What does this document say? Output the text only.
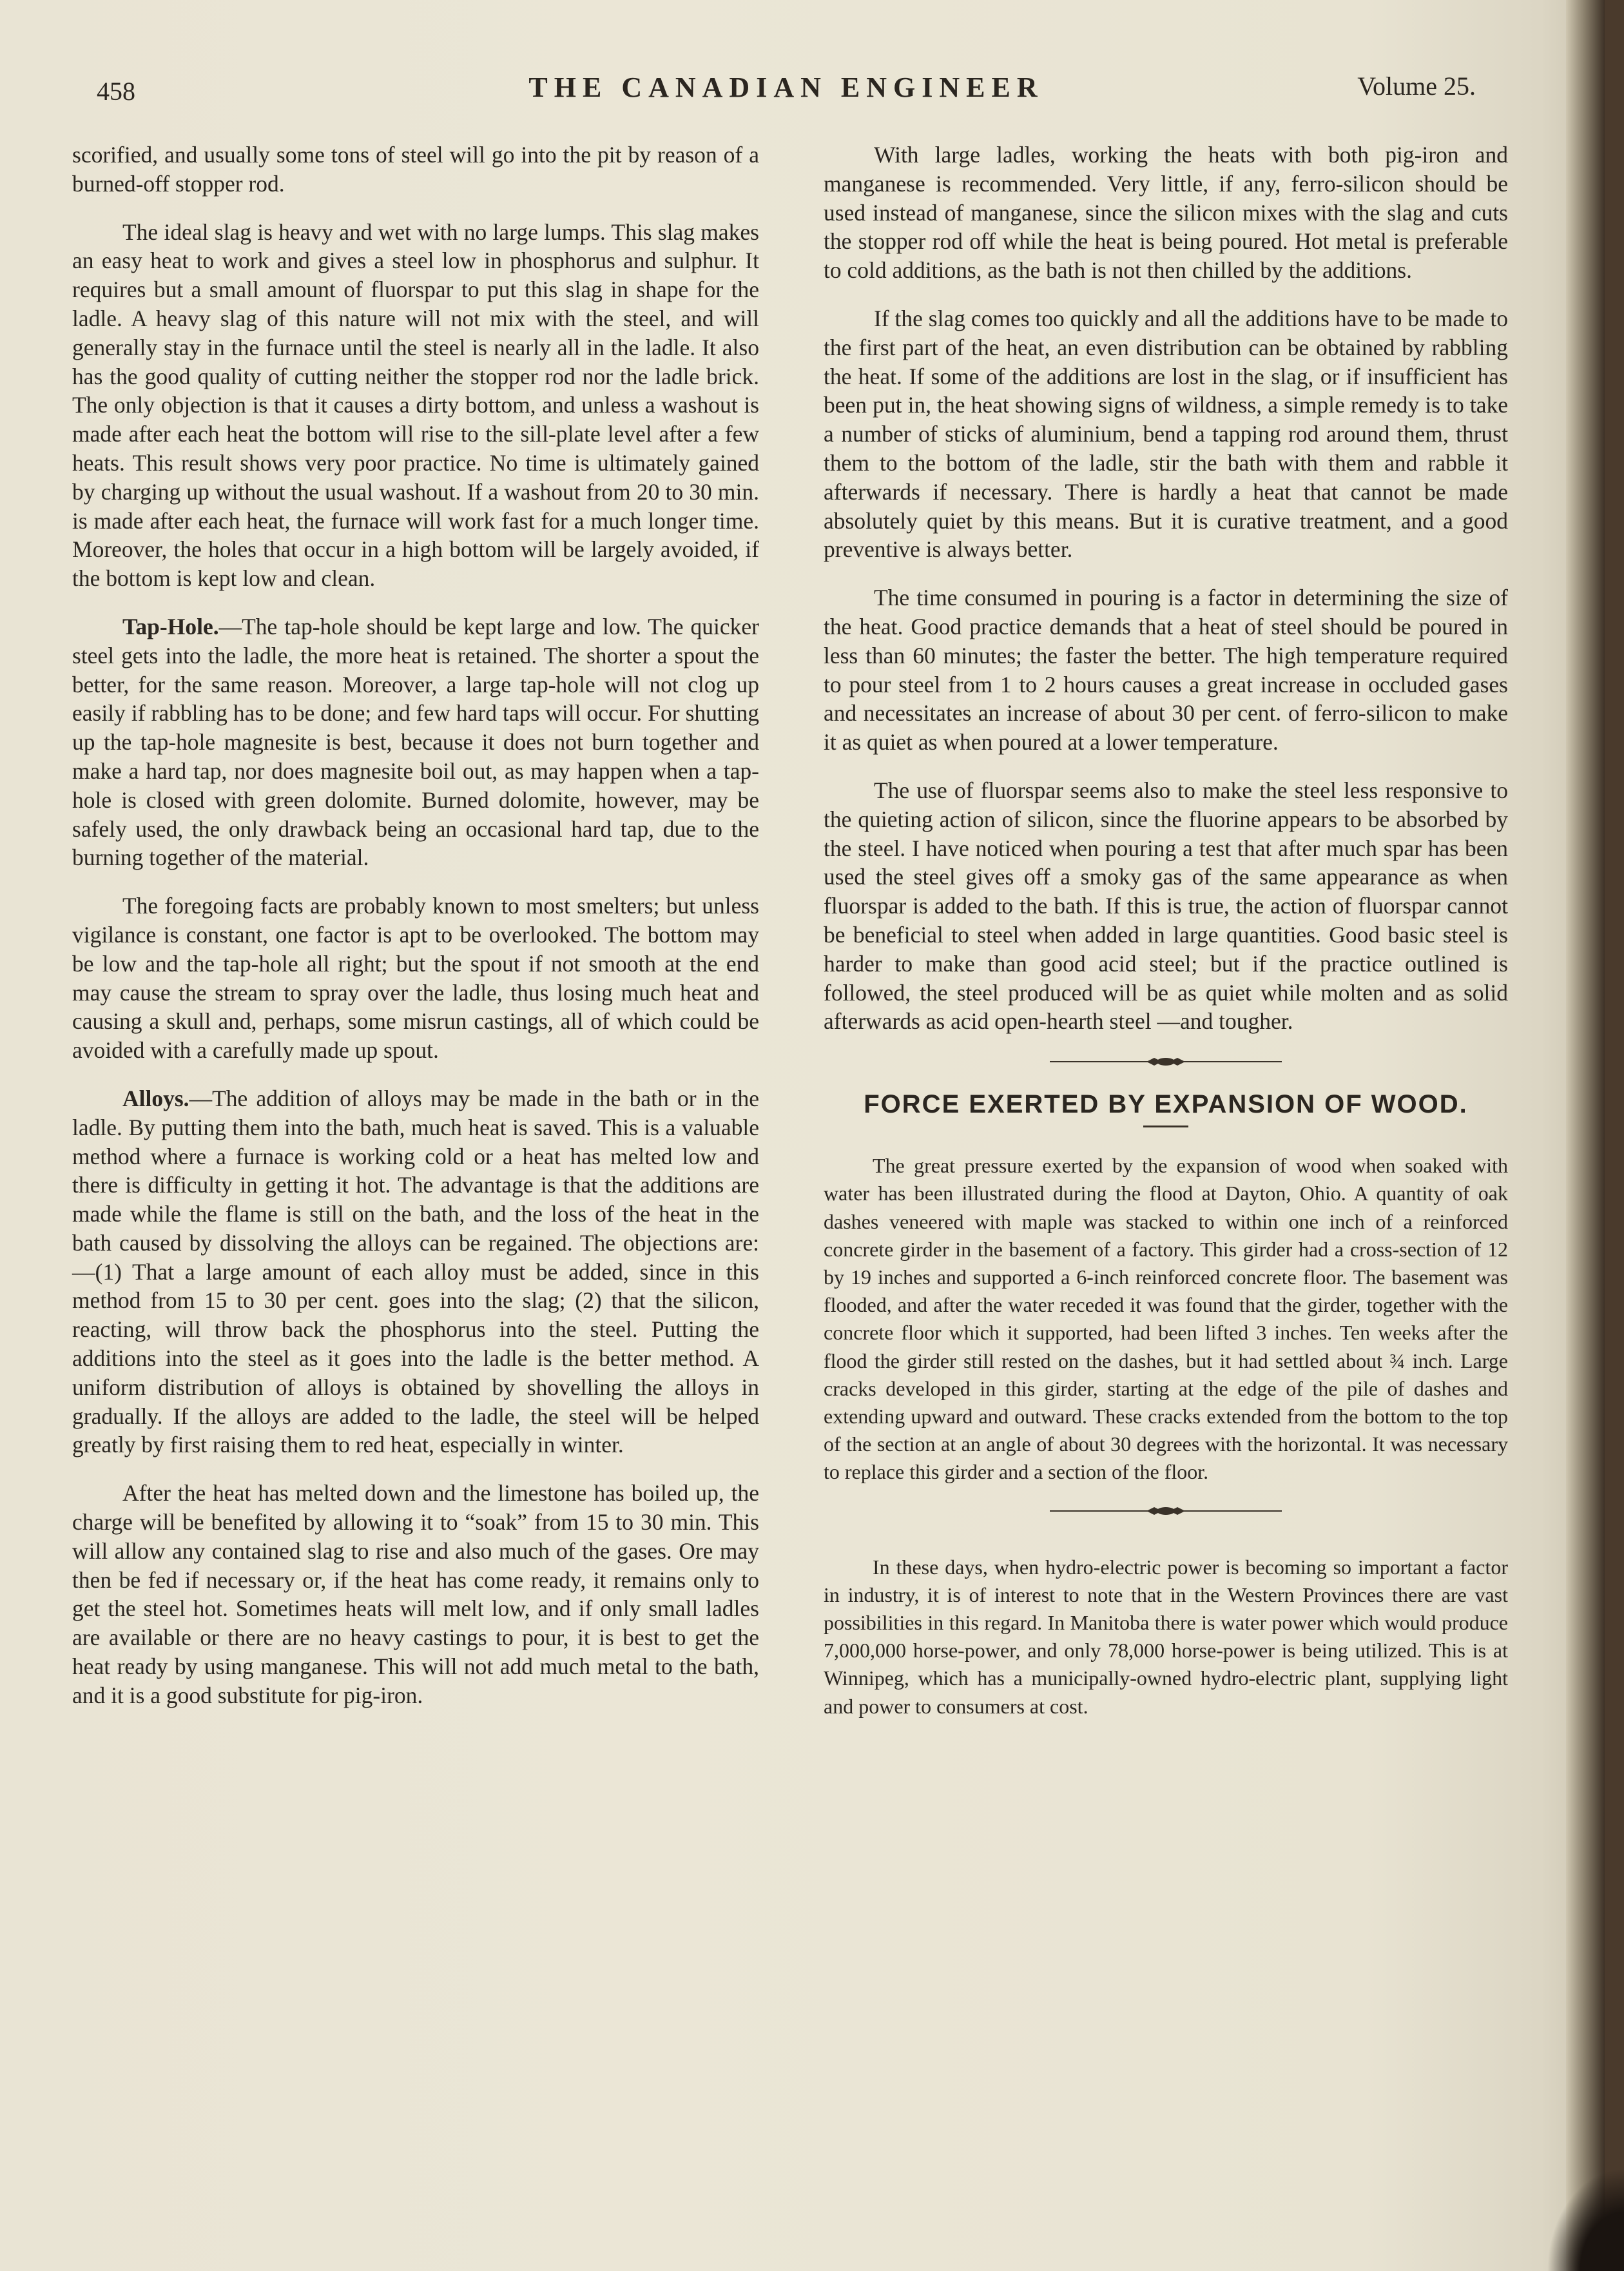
458	THE CANADIAN ENGINEER	Volume 25.

scorified, and usually some tons of steel will go into the pit by reason of a burned-off stopper rod.

The ideal slag is heavy and wet with no large lumps. This slag makes an easy heat to work and gives a steel low in phosphorus and sulphur. It requires but a small amount of fluorspar to put this slag in shape for the ladle. A heavy slag of this nature will not mix with the steel, and will generally stay in the furnace until the steel is nearly all in the ladle. It also has the good quality of cutting neither the stopper rod nor the ladle brick. The only objection is that it causes a dirty bottom, and unless a washout is made after each heat the bottom will rise to the sill-plate level after a few heats. This result shows very poor practice. No time is ultimately gained by charging up without the usual washout. If a washout from 20 to 30 min. is made after each heat, the furnace will work fast for a much longer time. Moreover, the holes that occur in a high bottom will be largely avoided, if the bottom is kept low and clean.

Tap-Hole.—The tap-hole should be kept large and low. The quicker steel gets into the ladle, the more heat is retained. The shorter a spout the better, for the same reason. Moreover, a large tap-hole will not clog up easily if rabbling has to be done; and few hard taps will occur. For shutting up the tap-hole magnesite is best, because it does not burn together and make a hard tap, nor does magnesite boil out, as may happen when a tap-hole is closed with green dolomite. Burned dolomite, however, may be safely used, the only drawback being an occasional hard tap, due to the burning together of the material.

The foregoing facts are probably known to most smelters; but unless vigilance is constant, one factor is apt to be overlooked. The bottom may be low and the tap-hole all right; but the spout if not smooth at the end may cause the stream to spray over the ladle, thus losing much heat and causing a skull and, perhaps, some misrun castings, all of which could be avoided with a carefully made up spout.

Alloys.—The addition of alloys may be made in the bath or in the ladle. By putting them into the bath, much heat is saved. This is a valuable method where a furnace is working cold or a heat has melted low and there is difficulty in getting it hot. The advantage is that the additions are made while the flame is still on the bath, and the loss of the heat in the bath caused by dissolving the alloys can be regained. The objections are:—(1) That a large amount of each alloy must be added, since in this method from 15 to 30 per cent. goes into the slag; (2) that the silicon, reacting, will throw back the phosphorus into the steel. Putting the additions into the steel as it goes into the ladle is the better method. A uniform distribution of alloys is obtained by shovelling the alloys in gradually. If the alloys are added to the ladle, the steel will be helped greatly by first raising them to red heat, especially in winter.

After the heat has melted down and the limestone has boiled up, the charge will be benefited by allowing it to “soak” from 15 to 30 min. This will allow any contained slag to rise and also much of the gases. Ore may then be fed if necessary or, if the heat has come ready, it remains only to get the steel hot. Sometimes heats will melt low, and if only small ladles are available or there are no heavy castings to pour, it is best to get the heat ready by using manganese. This will not add much metal to the bath, and it is a good substitute for pig-iron.

With large ladles, working the heats with both pig-iron and manganese is recommended. Very little, if any, ferro-silicon should be used instead of manganese, since the silicon mixes with the slag and cuts the stopper rod off while the heat is being poured. Hot metal is preferable to cold additions, as the bath is not then chilled by the additions.

If the slag comes too quickly and all the additions have to be made to the first part of the heat, an even distribution can be obtained by rabbling the heat. If some of the additions are lost in the slag, or if insufficient has been put in, the heat showing signs of wildness, a simple remedy is to take a number of sticks of aluminium, bend a tapping rod around them, thrust them to the bottom of the ladle, stir the bath with them and rabble it afterwards if necessary. There is hardly a heat that cannot be made absolutely quiet by this means. But it is curative treatment, and a good preventive is always better.

The time consumed in pouring is a factor in determining the size of the heat. Good practice demands that a heat of steel should be poured in less than 60 minutes; the faster the better. The high temperature required to pour steel from 1 to 2 hours causes a great increase in occluded gases and necessitates an increase of about 30 per cent. of ferro-silicon to make it as quiet as when poured at a lower temperature.

The use of fluorspar seems also to make the steel less responsive to the quieting action of silicon, since the fluorine appears to be absorbed by the steel. I have noticed when pouring a test that after much spar has been used the steel gives off a smoky gas of the same appearance as when fluorspar is added to the bath. If this is true, the action of fluorspar cannot be beneficial to steel when added in large quantities. Good basic steel is harder to make than good acid steel; but if the practice outlined is followed, the steel produced will be as quiet while molten and as solid afterwards as acid open-hearth steel —and tougher.

FORCE EXERTED BY EXPANSION OF WOOD.

The great pressure exerted by the expansion of wood when soaked with water has been illustrated during the flood at Dayton, Ohio. A quantity of oak dashes veneered with maple was stacked to within one inch of a reinforced concrete girder in the basement of a factory. This girder had a cross-section of 12 by 19 inches and supported a 6-inch reinforced concrete floor. The basement was flooded, and after the water receded it was found that the girder, together with the concrete floor which it supported, had been lifted 3 inches. Ten weeks after the flood the girder still rested on the dashes, but it had settled about ¾ inch. Large cracks developed in this girder, starting at the edge of the pile of dashes and extending upward and outward. These cracks extended from the bottom to the top of the section at an angle of about 30 degrees with the horizontal. It was necessary to replace this girder and a section of the floor.

In these days, when hydro-electric power is becoming so important a factor in industry, it is of interest to note that in the Western Provinces there are vast possibilities in this regard. In Manitoba there is water power which would produce 7,000,000 horse-power, and only 78,000 horse-power is being utilized. This is at Winnipeg, which has a municipally-owned hydro-electric plant, supplying light and power to consumers at cost.
